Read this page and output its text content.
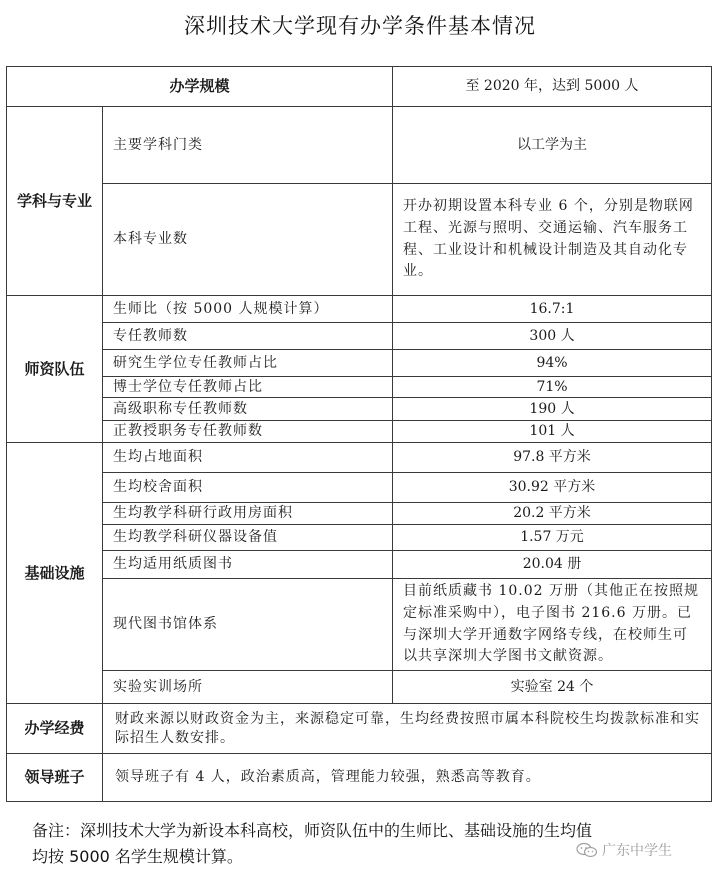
深圳技术大学现有办学条件基本情况
办学规模		至 2020 年，达到 5000 人
学科与专业	主要学科门类	以工学为主
	本科专业数	开办初期设置本科专业 6 个，分别是物联网工程、光源与照明、交通运输、汽车服务工程、工业设计和机械设计制造及其自动化专业。
师资队伍	生师比（按 5000 人规模计算）	16.7:1
	专任教师数	300 人
	研究生学位专任教师占比	94%
	博士学位专任教师占比	71%
	高级职称专任教师数	190 人
	正教授职务专任教师数	101 人
基础设施	生均占地面积	97.8 平方米
	生均校舍面积	30.92 平方米
	生均教学科研行政用房面积	20.2 平方米
	生均教学科研仪器设备值	1.57 万元
	生均适用纸质图书	20.04 册
	现代图书馆体系	目前纸质藏书 10.02 万册（其他正在按照规定标准采购中），电子图书 216.6 万册。已与深圳大学开通数字网络专线，在校师生可以共享深圳大学图书文献资源。
	实验实训场所	实验室 24 个
办学经费	财政来源以财政资金为主，来源稳定可靠，生均经费按照市属本科院校生均拨款标准和实际招生人数安排。	
领导班子	领导班子有 4 人，政治素质高，管理能力较强，熟悉高等教育。	
备注：深圳技术大学为新设本科高校，师资队伍中的生师比、基础设施的生均值均按 5000 名学生规模计算。	广东中学生
